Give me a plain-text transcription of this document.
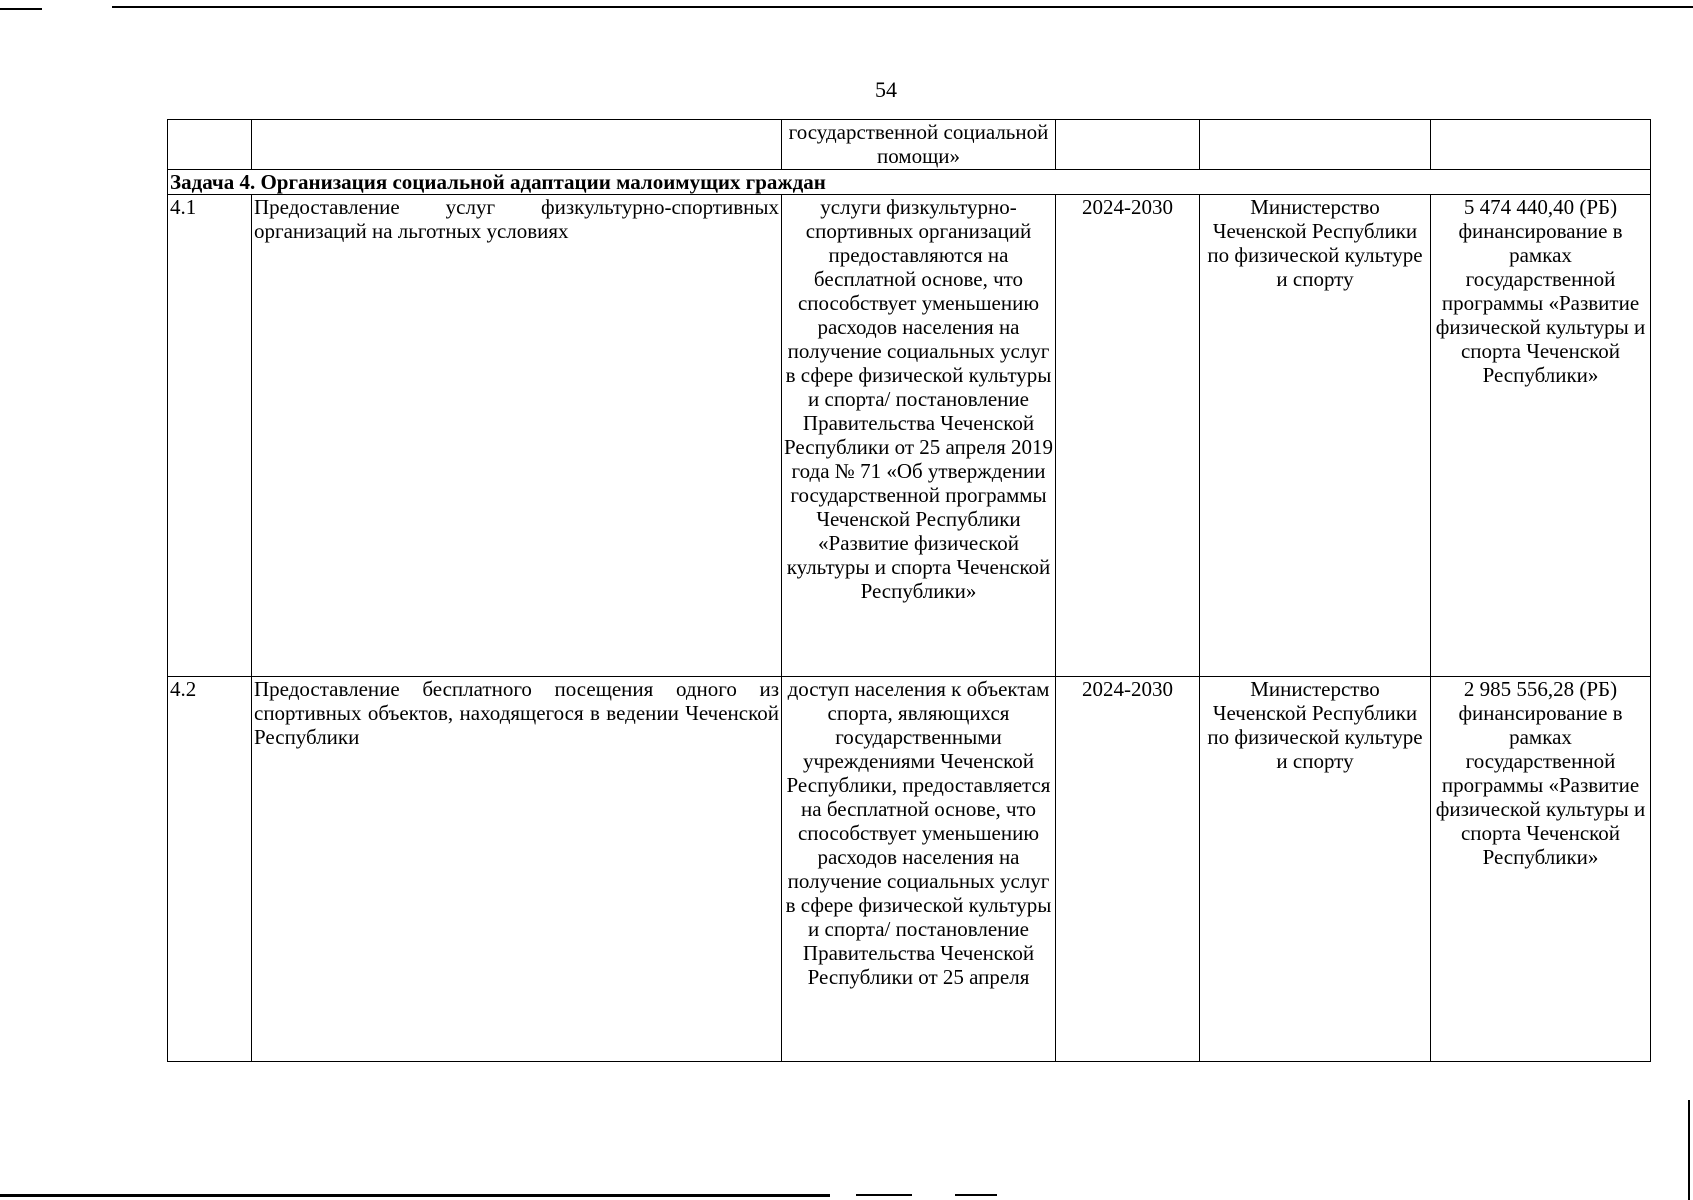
54
		государственной социальной помощи»			
Задача 4. Организация социальной адаптации малоимущих граждан					
4.1	Предоставление услуг физкультурно-спортивных организаций на льготных условиях	услуги физкультурно-спортивных организаций предоставляются на бесплатной основе, что способствует уменьшению расходов населения на получение социальных услуг в сфере физической культуры и спорта/ постановление Правительства Чеченской Республики от 25 апреля 2019 года № 71 «Об утверждении государственной программы Чеченской Республики «Развитие физической культуры и спорта Чеченской Республики»	2024-2030	Министерство Чеченской Республики по физической культуре и спорту	5 474 440,40 (РБ) финансирование в рамках государственной программы «Развитие физической культуры и спорта Чеченской Республики»
4.2	Предоставление бесплатного посещения одного из спортивных объектов, находящегося в ведении Чеченской Республики	доступ населения к объектам спорта, являющихся государственными учреждениями Чеченской Республики, предоставляется на бесплатной основе, что способствует уменьшению расходов населения на получение социальных услуг в сфере физической культуры и спорта/ постановление Правительства Чеченской Республики от 25 апреля	2024-2030	Министерство Чеченской Республики по физической культуре и спорту	2 985 556,28 (РБ) финансирование в рамках государственной программы «Развитие физической культуры и спорта Чеченской Республики»
